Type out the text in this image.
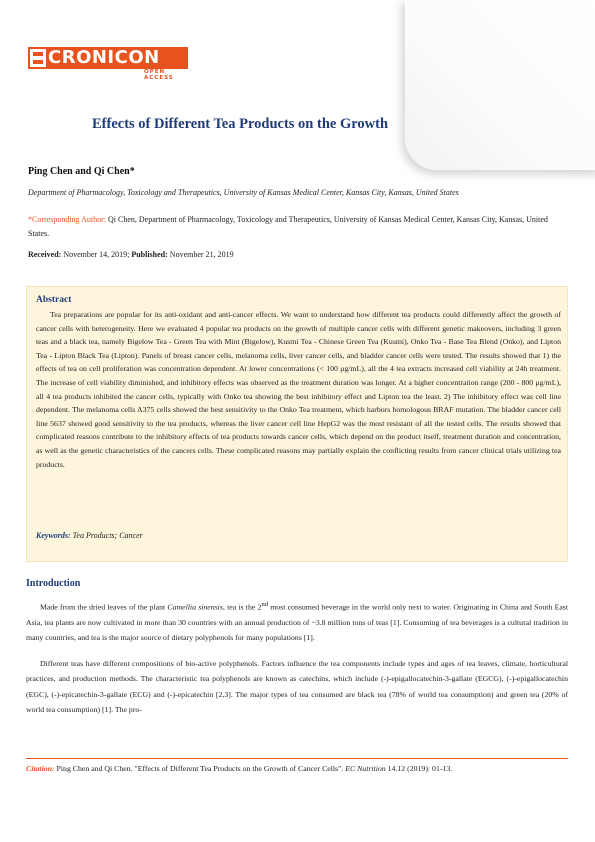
CRONICON
OPEN ACCESS
Effects of Different Tea Products on the Growth
Ping Chen and Qi Chen*
Department of Pharmacology, Toxicology and Therapeutics, University of Kansas Medical Center, Kansas City, Kansas, United States
*Corresponding Author: Qi Chen, Department of Pharmacology, Toxicology and Therapeutics, University of Kansas Medical Center, Kansas City, Kansas, United States.
Received: November 14, 2019; Published: November 21, 2019
Abstract
Tea preparations are popular for its anti-oxidant and anti-cancer effects. We want to understand how different tea products could differently affect the growth of cancer cells with heterogeneity. Here we evaluated 4 popular tea products on the growth of multiple cancer cells with different genetic makeovers, including 3 green teas and a black tea, namely Bigelow Tea - Green Tea with Mint (Bigelow), Kusmi Tea - Chinese Green Tea (Kusmi), Onko Tea - Base Tea Blend (Onko), and Lipton Tea - Lipton Black Tea (Lipton). Panels of breast cancer cells, melanoma cells, liver cancer cells, and bladder cancer cells were tested. The results showed that 1) the effects of tea on cell proliferation was concentration dependent. At lower concentrations (< 100 μg/mL), all the 4 tea extracts increased cell viability at 24h treatment. The increase of cell viability diminished, and inhibitory effects was observed as the treatment duration was longer. At a higher concentration range (200 - 800 μg/mL), all 4 tea products inhibited the cancer cells, typically with Onko tea showing the best inhibitory effect and Lipton tea the least. 2) The inhibitory effect was cell line dependent. The melanoma cells A375 cells showed the best sensitivity to the Onko Tea treatment, which harbors homologous BRAF mutation. The bladder cancer cell line 5637 showed good sensitivity to the tea products, whereas the liver cancer cell line HepG2 was the most resistant of all the tested cells. The results showed that complicated reasons contribute to the inhibitory effects of tea products towards cancer cells, which depend on the product itself, treatment duration and concentration, as well as the genetic characteristics of the cancers cells. These complicated reasons may partially explain the conflicting results from cancer clinical trials utilizing tea products.
Keywords: Tea Products; Cancer
Introduction
Made from the dried leaves of the plant Camellia sinensis, tea is the 2nd most consumed beverage in the world only next to water. Originating in China and South East Asia, tea plants are now cultivated in more than 30 countries with an annual production of ~3.8 million tons of teas [1]. Consuming of tea beverages is a cultural tradition in many countries, and tea is the major source of dietary polyphenols for many populations [1].
Different teas have different compositions of bio-active polyphenols. Factors influence the tea components include types and ages of tea leaves, climate, horticultural practices, and production methods. The characteristic tea polyphenols are known as catechins, which include (-)-epigallocatechin-3-gallate (EGCG), (-)-epigallocatechin (EGC), (-)-epicatechin-3-gallate (ECG) and (-)-epicatechin [2,3]. The major types of tea consumed are black tea (78% of world tea consumption) and green tea (20% of world tea consumption) [1]. The pro-
Citation: Ping Chen and Qi Chen. "Effects of Different Tea Products on the Growth of Cancer Cells". EC Nutrition 14.12 (2019): 01-13.
